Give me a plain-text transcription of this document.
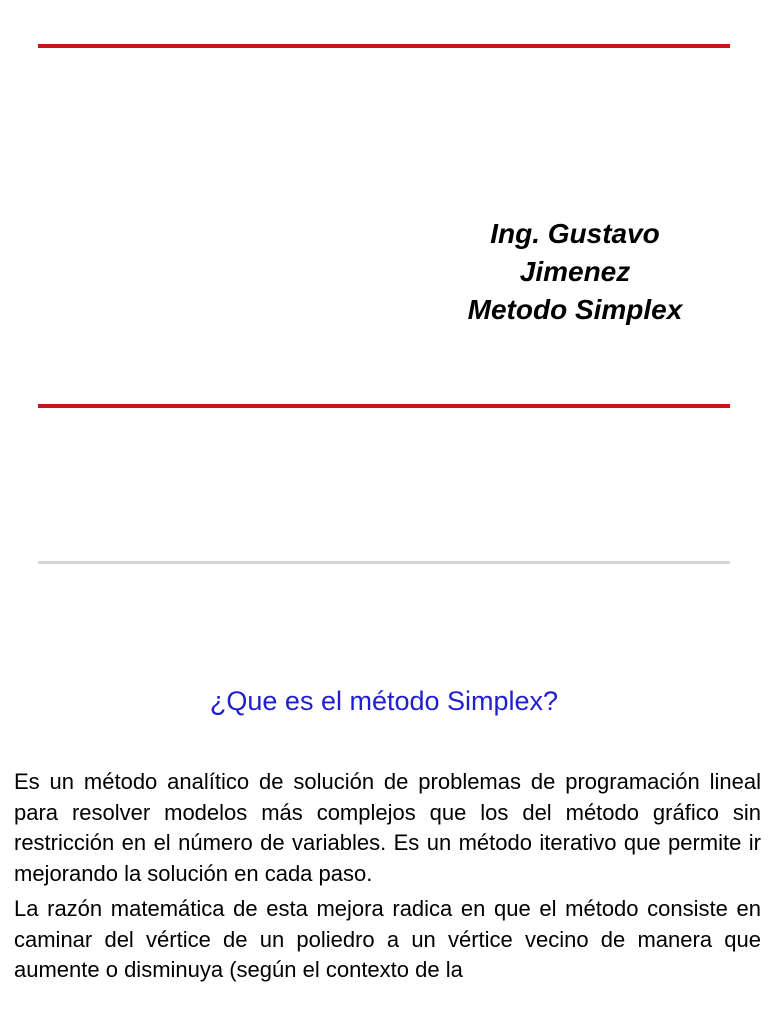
Ing. Gustavo
Jimenez
Metodo Simplex
¿Que es el método Simplex?

Es un método analítico de solución de problemas de programación lineal para resolver modelos más complejos que los del método gráfico sin restricción en el número de variables. Es un método iterativo que permite ir mejorando la solución en cada paso.

La razón matemática de esta mejora radica en que el método consiste en caminar del vértice de un poliedro a un vértice vecino de manera que aumente o disminuya (según el contexto de la
